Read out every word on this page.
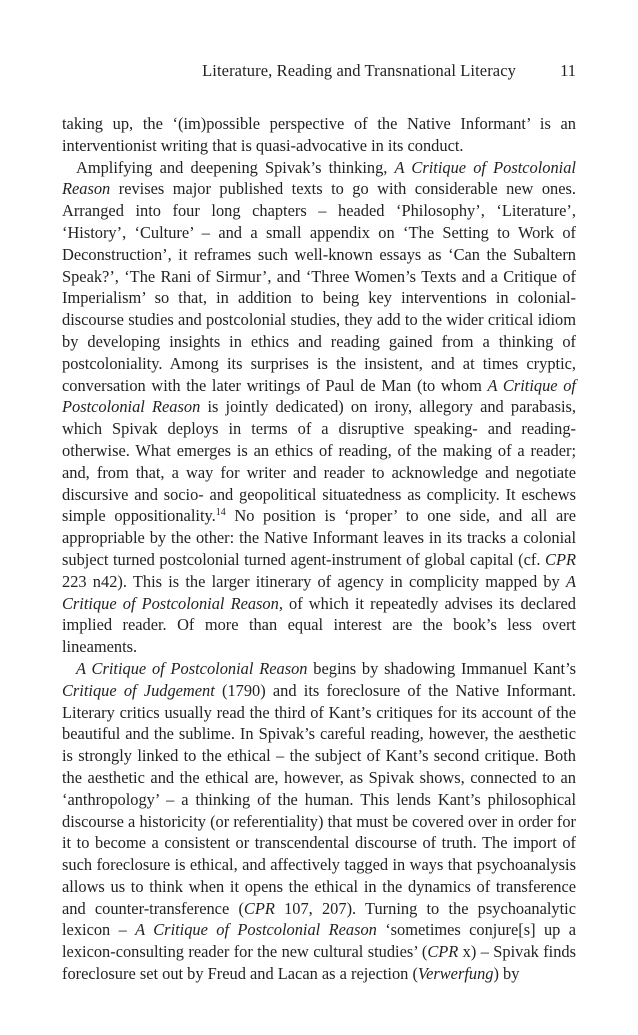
Literature, Reading and Transnational Literacy	11

taking up, the ‘(im)possible perspective of the Native Informant’ is an interventionist writing that is quasi-advocative in its conduct.

Amplifying and deepening Spivak’s thinking, A Critique of Postcolonial Reason revises major published texts to go with considerable new ones. Arranged into four long chapters – headed ‘Philosophy’, ‘Literature’, ‘History’, ‘Culture’ – and a small appendix on ‘The Setting to Work of Deconstruction’, it reframes such well-known essays as ‘Can the Subaltern Speak?’, ‘The Rani of Sirmur’, and ‘Three Women’s Texts and a Critique of Imperialism’ so that, in addition to being key interventions in colonial-discourse studies and postcolonial studies, they add to the wider critical idiom by developing insights in ethics and reading gained from a thinking of postcoloniality. Among its surprises is the insistent, and at times cryptic, conversation with the later writings of Paul de Man (to whom A Critique of Postcolonial Reason is jointly dedicated) on irony, allegory and parabasis, which Spivak deploys in terms of a disruptive speaking- and reading-otherwise. What emerges is an ethics of reading, of the making of a reader; and, from that, a way for writer and reader to acknowledge and negotiate discursive and socio- and geopolitical situatedness as complicity. It eschews simple oppositionality.$^{14}$ No position is ‘proper’ to one side, and all are appropriable by the other: the Native Informant leaves in its tracks a colonial subject turned postcolonial turned agent-instrument of global capital (cf. CPR 223 n42). This is the larger itinerary of agency in complicity mapped by A Critique of Postcolonial Reason, of which it repeatedly advises its declared implied reader. Of more than equal interest are the book’s less overt lineaments.

A Critique of Postcolonial Reason begins by shadowing Immanuel Kant’s Critique of Judgement (1790) and its foreclosure of the Native Informant. Literary critics usually read the third of Kant’s critiques for its account of the beautiful and the sublime. In Spivak’s careful reading, however, the aesthetic is strongly linked to the ethical – the subject of Kant’s second critique. Both the aesthetic and the ethical are, however, as Spivak shows, connected to an ‘anthropology’ – a thinking of the human. This lends Kant’s philosophical discourse a historicity (or referentiality) that must be covered over in order for it to become a consistent or transcendental discourse of truth. The import of such foreclosure is ethical, and affectively tagged in ways that psychoanalysis allows us to think when it opens the ethical in the dynamics of transference and counter-transference (CPR 107, 207). Turning to the psychoanalytic lexicon – A Critique of Postcolonial Reason ‘sometimes conjure[s] up a lexicon-consulting reader for the new cultural studies’ (CPR x) – Spivak finds foreclosure set out by Freud and Lacan as a rejection (Verwerfung) by
